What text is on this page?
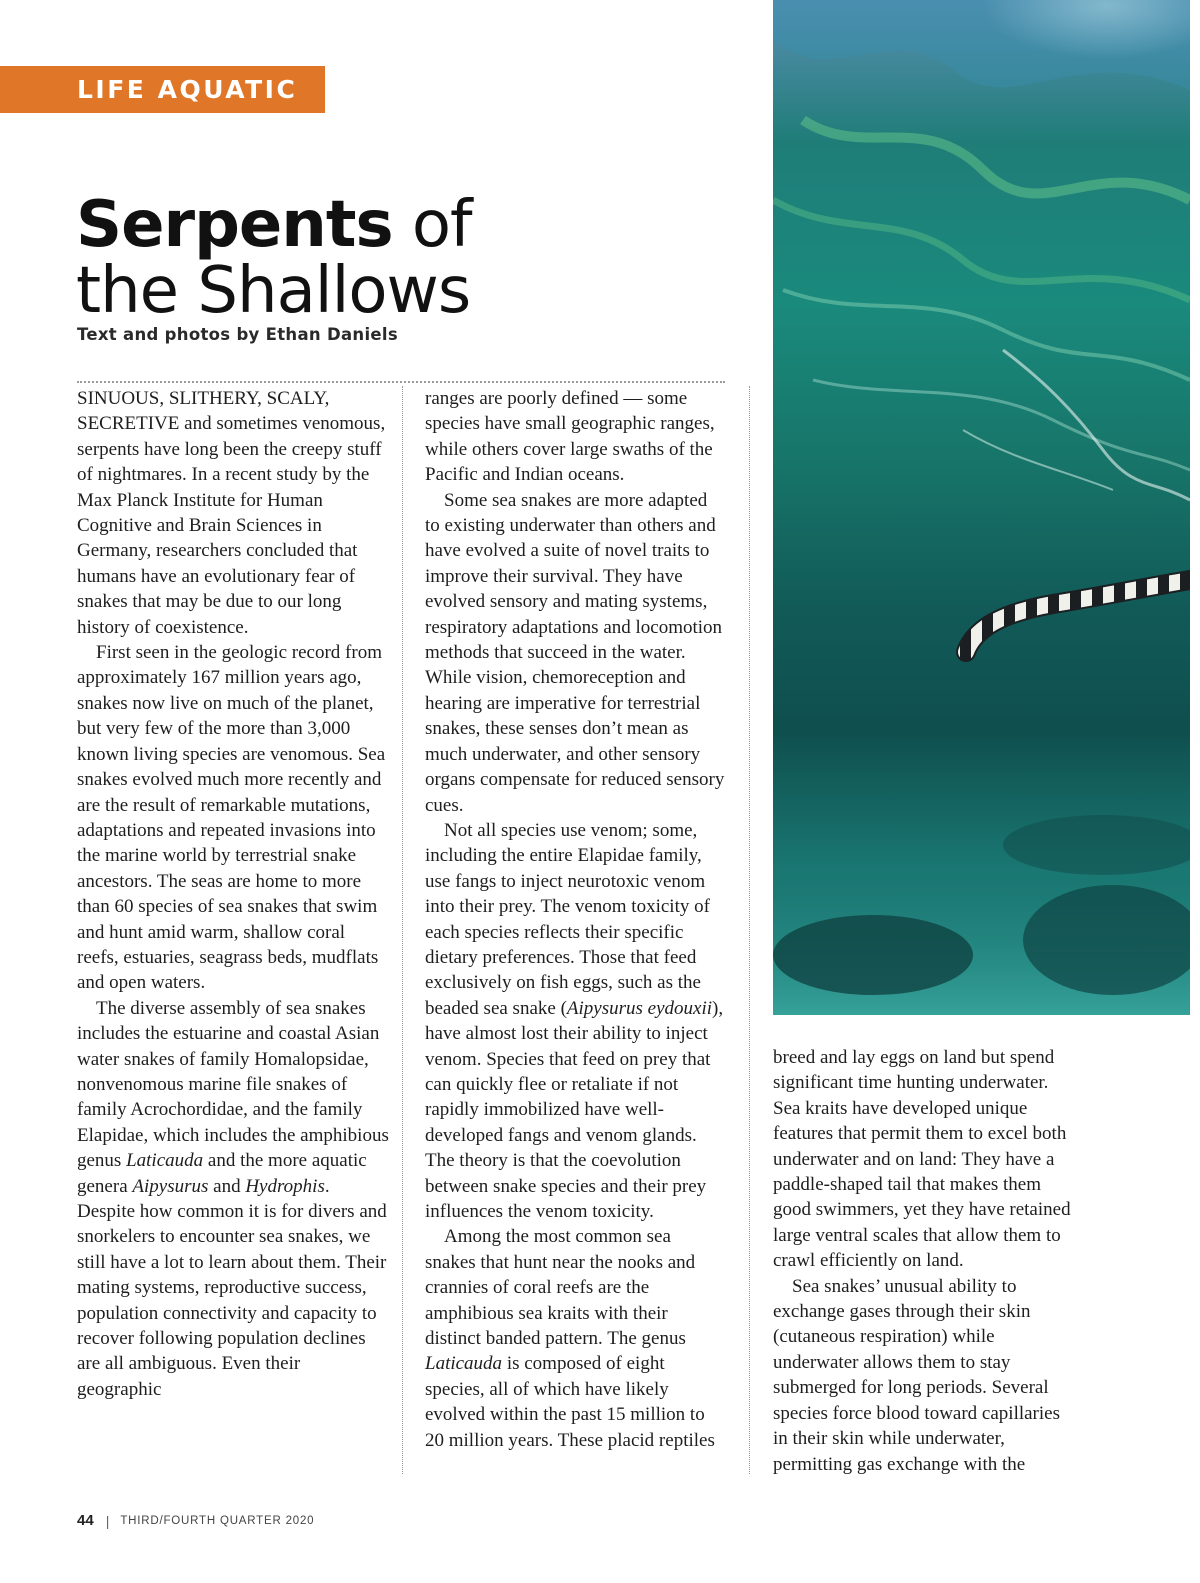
LIFE AQUATIC
Serpents of
the Shallows
Text and photos by Ethan Daniels

SINUOUS, SLITHERY, SCALY, SECRETIVE and sometimes venomous, serpents have long been the creepy stuff of nightmares. In a recent study by the Max Planck Institute for Human Cognitive and Brain Sciences in Germany, researchers concluded that humans have an evolutionary fear of snakes that may be due to our long history of coexistence.

First seen in the geologic record from approximately 167 million years ago, snakes now live on much of the planet, but very few of the more than 3,000 known living species are venomous. Sea snakes evolved much more recently and are the result of remarkable mutations, adaptations and repeated invasions into the marine world by terrestrial snake ancestors. The seas are home to more than 60 species of sea snakes that swim and hunt amid warm, shallow coral reefs, estuaries, seagrass beds, mudflats and open waters.

The diverse assembly of sea snakes includes the estuarine and coastal Asian water snakes of family Homalopsidae, nonvenomous marine file snakes of family Acrochordidae, and the family Elapidae, which includes the amphibious genus Laticauda and the more aquatic genera Aipysurus and Hydrophis. Despite how common it is for divers and snorkelers to encounter sea snakes, we still have a lot to learn about them. Their mating systems, reproductive success, population connectivity and capacity to recover following population declines are all ambiguous. Even their geographic

ranges are poorly defined — some species have small geographic ranges, while others cover large swaths of the Pacific and Indian oceans.

Some sea snakes are more adapted to existing underwater than others and have evolved a suite of novel traits to improve their survival. They have evolved sensory and mating systems, respiratory adaptations and locomotion methods that succeed in the water. While vision, chemoreception and hearing are imperative for terrestrial snakes, these senses don’t mean as much underwater, and other sensory organs compensate for reduced sensory cues.

Not all species use venom; some, including the entire Elapidae family, use fangs to inject neurotoxic venom into their prey. The venom toxicity of each species reflects their specific dietary preferences. Those that feed exclusively on fish eggs, such as the beaded sea snake (Aipysurus eydouxii), have almost lost their ability to inject venom. Species that feed on prey that can quickly flee or retaliate if not rapidly immobilized have well-developed fangs and venom glands. The theory is that the coevolution between snake species and their prey influences the venom toxicity.

Among the most common sea snakes that hunt near the nooks and crannies of coral reefs are the amphibious sea kraits with their distinct banded pattern. The genus Laticauda is composed of eight species, all of which have likely evolved within the past 15 million to 20 million years. These placid reptiles

breed and lay eggs on land but spend significant time hunting underwater. Sea kraits have developed unique features that permit them to excel both underwater and on land: They have a paddle-shaped tail that makes them good swimmers, yet they have retained large ventral scales that allow them to crawl efficiently on land.

Sea snakes’ unusual ability to exchange gases through their skin (cutaneous respiration) while underwater allows them to stay submerged for long periods. Several species force blood toward capillaries in their skin while underwater, permitting gas exchange with the

44 | THIRD/FOURTH QUARTER 2020
